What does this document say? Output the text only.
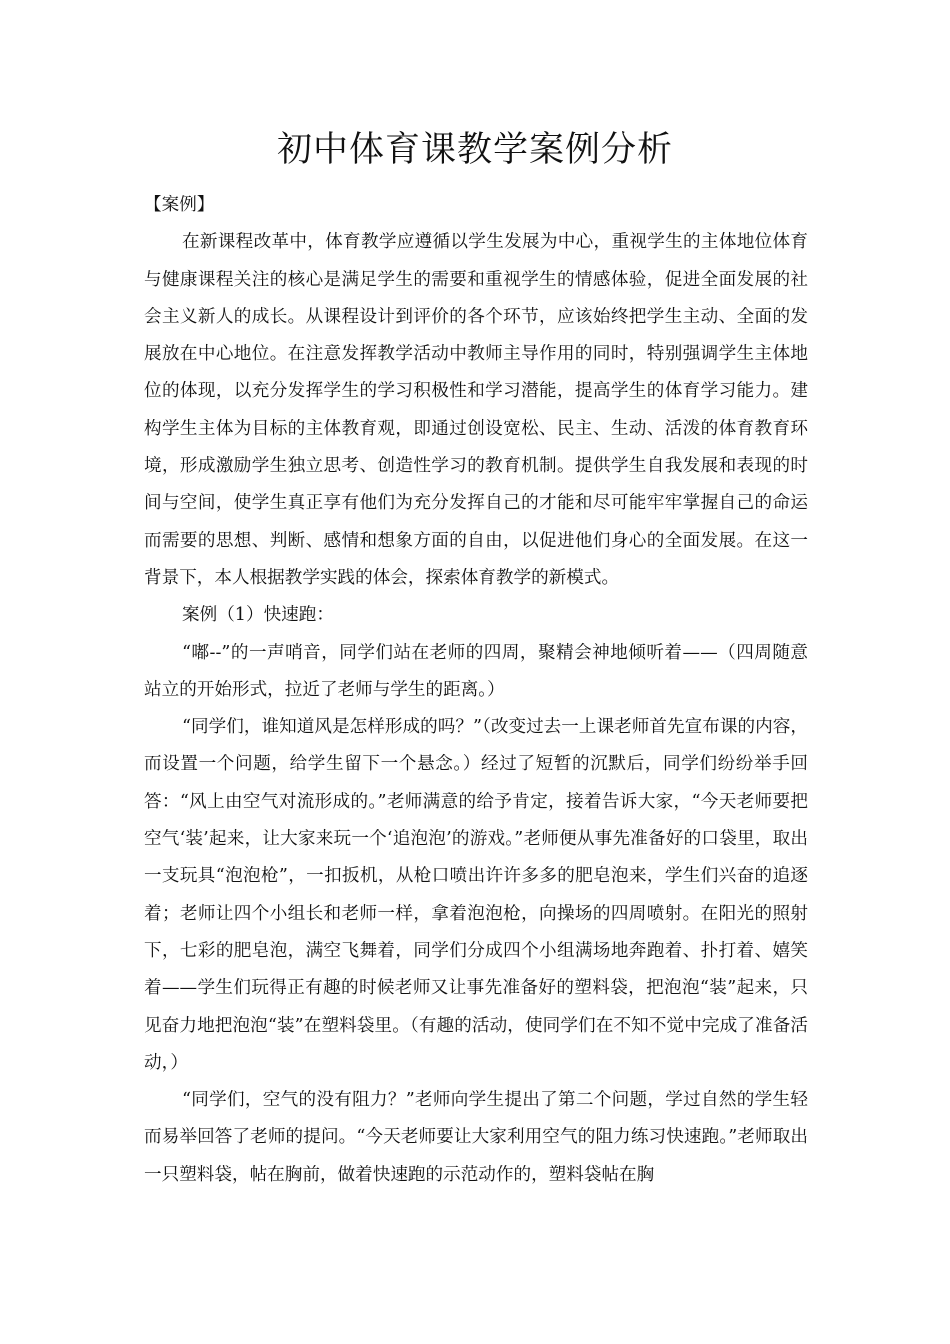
初中体育课教学案例分析

【案例】

在新课程改革中，体育教学应遵循以学生发展为中心，重视学生的主体地位体育与健康课程关注的核心是满足学生的需要和重视学生的情感体验，促进全面发展的社会主义新人的成长。从课程设计到评价的各个环节，应该始终把学生主动、全面的发展放在中心地位。在注意发挥教学活动中教师主导作用的同时，特别强调学生主体地位的体现，以充分发挥学生的学习积极性和学习潜能，提高学生的体育学习能力。建构学生主体为目标的主体教育观，即通过创设宽松、民主、生动、活泼的体育教育环境，形成激励学生独立思考、创造性学习的教育机制。提供学生自我发展和表现的时间与空间，使学生真正享有他们为充分发挥自己的才能和尽可能牢牢掌握自己的命运而需要的思想、判断、感情和想象方面的自由，以促进他们身心的全面发展。在这一背景下，本人根据教学实践的体会，探索体育教学的新模式。

案例（1）快速跑：

“嘟--”的一声哨音，同学们站在老师的四周，聚精会神地倾听着——（四周随意站立的开始形式，拉近了老师与学生的距离。）

“同学们，谁知道风是怎样形成的吗？”（改变过去一上课老师首先宣布课的内容，而设置一个问题，给学生留下一个悬念。）经过了短暂的沉默后，同学们纷纷举手回答：“风上由空气对流形成的。”老师满意的给予肯定，接着告诉大家，“今天老师要把空气‘装’起来，让大家来玩一个‘追泡泡’的游戏。”老师便从事先准备好的口袋里，取出一支玩具“泡泡枪”，一扣扳机，从枪口喷出许许多多的肥皂泡来，学生们兴奋的追逐着；老师让四个小组长和老师一样，拿着泡泡枪，向操场的四周喷射。在阳光的照射下，七彩的肥皂泡，满空飞舞着，同学们分成四个小组满场地奔跑着、扑打着、嬉笑着——学生们玩得正有趣的时候老师又让事先准备好的塑料袋，把泡泡“装”起来，只见奋力地把泡泡“装”在塑料袋里。（有趣的活动，使同学们在不知不觉中完成了准备活动，）

“同学们，空气的没有阻力？”老师向学生提出了第二个问题，学过自然的学生轻而易举回答了老师的提问。“今天老师要让大家利用空气的阻力练习快速跑。”老师取出一只塑料袋，帖在胸前，做着快速跑的示范动作的，塑料袋帖在胸
